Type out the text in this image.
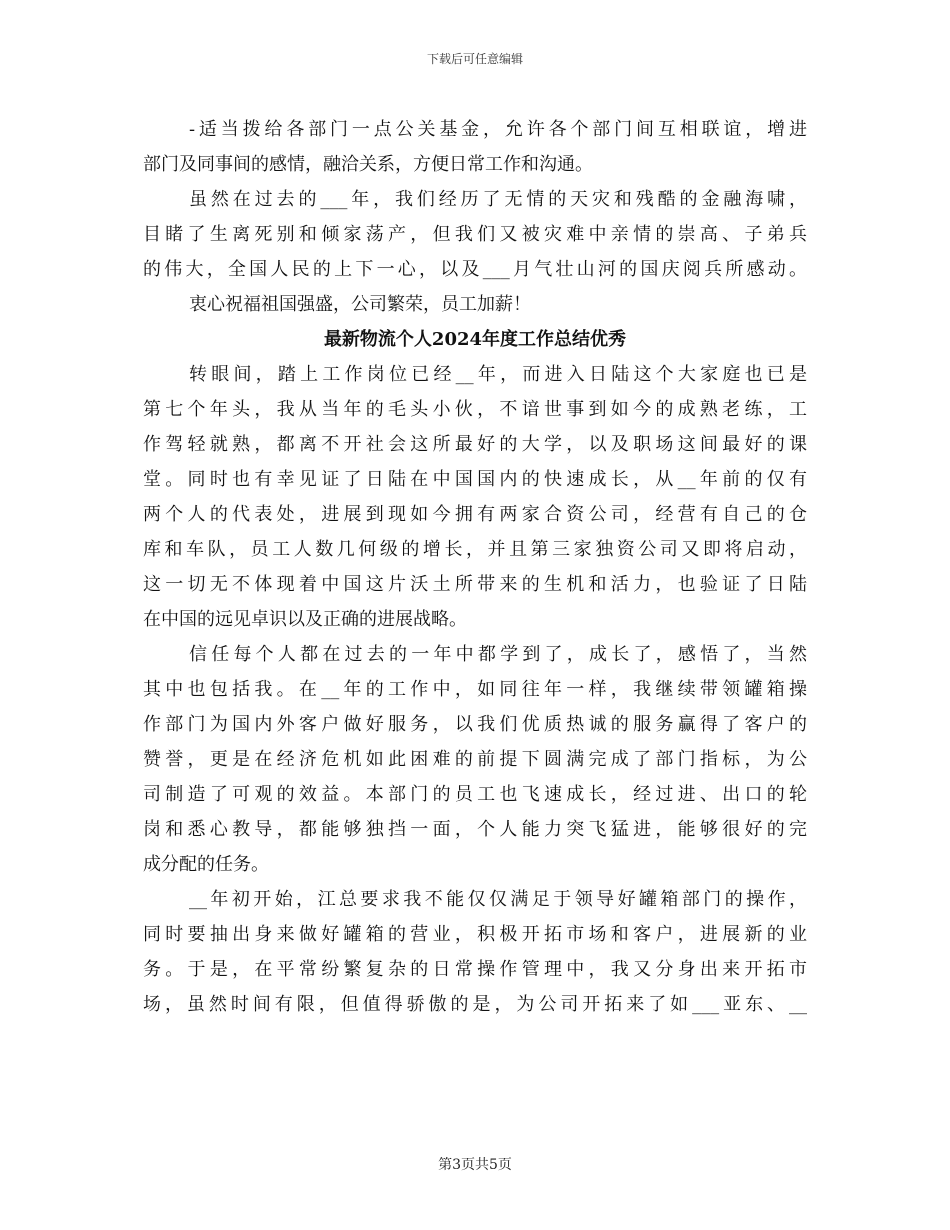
下载后可任意编辑
-适当拨给各部门一点公关基金，允许各个部门间互相联谊，增进
部门及同事间的感情，融洽关系，方便日常工作和沟通。
虽然在过去的___年，我们经历了无情的天灾和残酷的金融海啸，
目睹了生离死别和倾家荡产，但我们又被灾难中亲情的崇高、子弟兵
的伟大，全国人民的上下一心，以及___月气壮山河的国庆阅兵所感动。
衷心祝福祖国强盛，公司繁荣，员工加薪！
最新物流个人2024年度工作总结优秀
转眼间，踏上工作岗位已经__年，而进入日陆这个大家庭也已是
第七个年头，我从当年的毛头小伙，不谙世事到如今的成熟老练，工
作驾轻就熟，都离不开社会这所最好的大学，以及职场这间最好的课
堂。同时也有幸见证了日陆在中国国内的快速成长，从__年前的仅有
两个人的代表处，进展到现如今拥有两家合资公司，经营有自己的仓
库和车队，员工人数几何级的增长，并且第三家独资公司又即将启动，
这一切无不体现着中国这片沃土所带来的生机和活力，也验证了日陆
在中国的远见卓识以及正确的进展战略。
信任每个人都在过去的一年中都学到了，成长了，感悟了，当然
其中也包括我。在__年的工作中，如同往年一样，我继续带领罐箱操
作部门为国内外客户做好服务，以我们优质热诚的服务赢得了客户的
赞誉，更是在经济危机如此困难的前提下圆满完成了部门指标，为公
司制造了可观的效益。本部门的员工也飞速成长，经过进、出口的轮
岗和悉心教导，都能够独挡一面，个人能力突飞猛进，能够很好的完
成分配的任务。
__年初开始，江总要求我不能仅仅满足于领导好罐箱部门的操作，
同时要抽出身来做好罐箱的营业，积极开拓市场和客户，进展新的业
务。于是，在平常纷繁复杂的日常操作管理中，我又分身出来开拓市
场，虽然时间有限，但值得骄傲的是，为公司开拓来了如___亚东、__
第3页共5页
